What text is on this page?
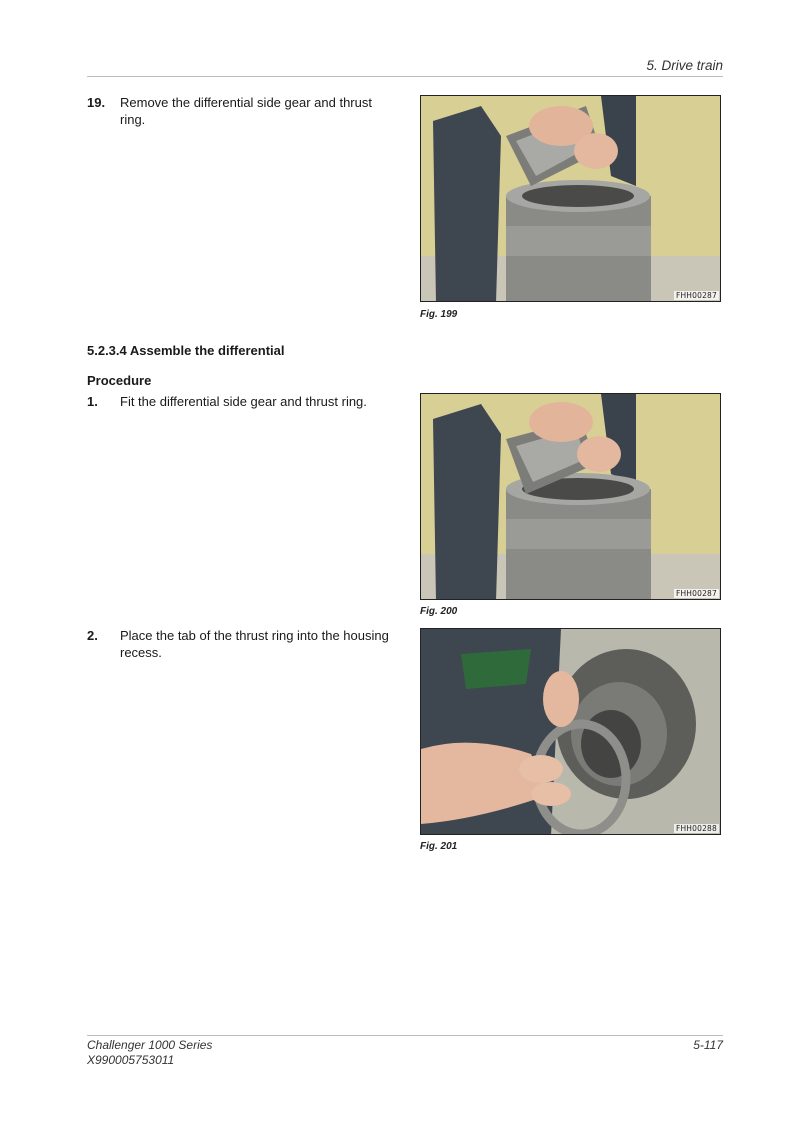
5. Drive train
19. Remove the differential side gear and thrust ring.
FHH00287
Fig. 199
5.2.3.4 Assemble the differential
Procedure
1. Fit the differential side gear and thrust ring.
FHH00287
Fig. 200
2. Place the tab of the thrust ring into the housing recess.
FHH00288
Fig. 201
Challenger 1000 Series
X990005753011
5-117
